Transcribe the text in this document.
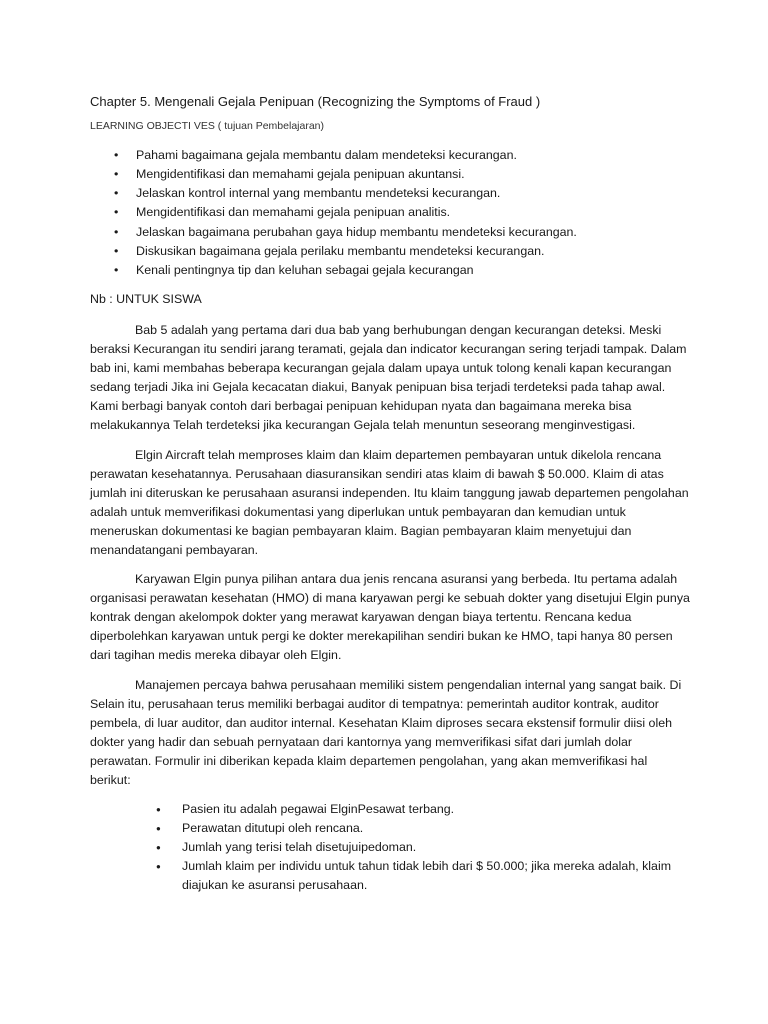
Chapter 5. Mengenali Gejala Penipuan (Recognizing the Symptoms of Fraud )
LEARNING OBJECTI VES ( tujuan Pembelajaran)
• Pahami bagaimana gejala membantu dalam mendeteksi kecurangan.
• Mengidentifikasi dan memahami gejala penipuan akuntansi.
• Jelaskan kontrol internal yang membantu mendeteksi kecurangan.
• Mengidentifikasi dan memahami gejala penipuan analitis.
• Jelaskan bagaimana perubahan gaya hidup membantu mendeteksi kecurangan.
• Diskusikan bagaimana gejala perilaku membantu mendeteksi kecurangan.
• Kenali pentingnya tip dan keluhan sebagai gejala kecurangan
Nb : UNTUK SISWA

Bab 5 adalah yang pertama dari dua bab yang berhubungan dengan kecurangan deteksi. Meski beraksi Kecurangan itu sendiri jarang teramati, gejala dan indicator kecurangan sering terjadi tampak. Dalam bab ini, kami membahas beberapa kecurangan gejala dalam upaya untuk tolong kenali kapan kecurangan sedang terjadi Jika ini Gejala kecacatan diakui, Banyak penipuan bisa terjadi terdeteksi pada tahap awal. Kami berbagi banyak contoh dari berbagai penipuan kehidupan nyata dan bagaimana mereka bisa melakukannya Telah terdeteksi jika kecurangan Gejala telah menuntun seseorang menginvestigasi.

Elgin Aircraft telah memproses klaim dan klaim departemen pembayaran untuk dikelola rencana perawatan kesehatannya. Perusahaan diasuransikan sendiri atas klaim di bawah $ 50.000. Klaim di atas jumlah ini diteruskan ke perusahaan asuransi independen. Itu klaim tanggung jawab departemen pengolahan adalah untuk memverifikasi dokumentasi yang diperlukan untuk pembayaran dan kemudian untuk meneruskan dokumentasi ke bagian pembayaran klaim. Bagian pembayaran klaim menyetujui dan menandatangani pembayaran.

Karyawan Elgin punya pilihan antara dua jenis rencana asuransi yang berbeda. Itu pertama adalah organisasi perawatan kesehatan (HMO) di mana karyawan pergi ke sebuah dokter yang disetujui Elgin punya kontrak dengan akelompok dokter yang merawat karyawan dengan biaya tertentu. Rencana kedua diperbolehkan karyawan untuk pergi ke dokter merekapilihan sendiri bukan ke HMO, tapi hanya 80 persen dari tagihan medis mereka dibayar oleh Elgin.

Manajemen percaya bahwa perusahaan memiliki sistem pengendalian internal yang sangat baik. Di Selain itu, perusahaan terus memiliki berbagai auditor di tempatnya: pemerintah auditor kontrak, auditor pembela, di luar auditor, dan auditor internal. Kesehatan Klaim diproses secara ekstensif formulir diisi oleh dokter yang hadir dan sebuah pernyataan dari kantornya yang memverifikasi sifat dari jumlah dolar perawatan. Formulir ini diberikan kepada klaim departemen pengolahan, yang akan memverifikasi hal berikut:

● Pasien itu adalah pegawai ElginPesawat terbang.
● Perawatan ditutupi oleh rencana.
● Jumlah yang terisi telah disetujuipedoman.
● Jumlah klaim per individu untuk tahun tidak lebih dari $ 50.000; jika mereka adalah, klaim diajukan ke asuransi perusahaan.
